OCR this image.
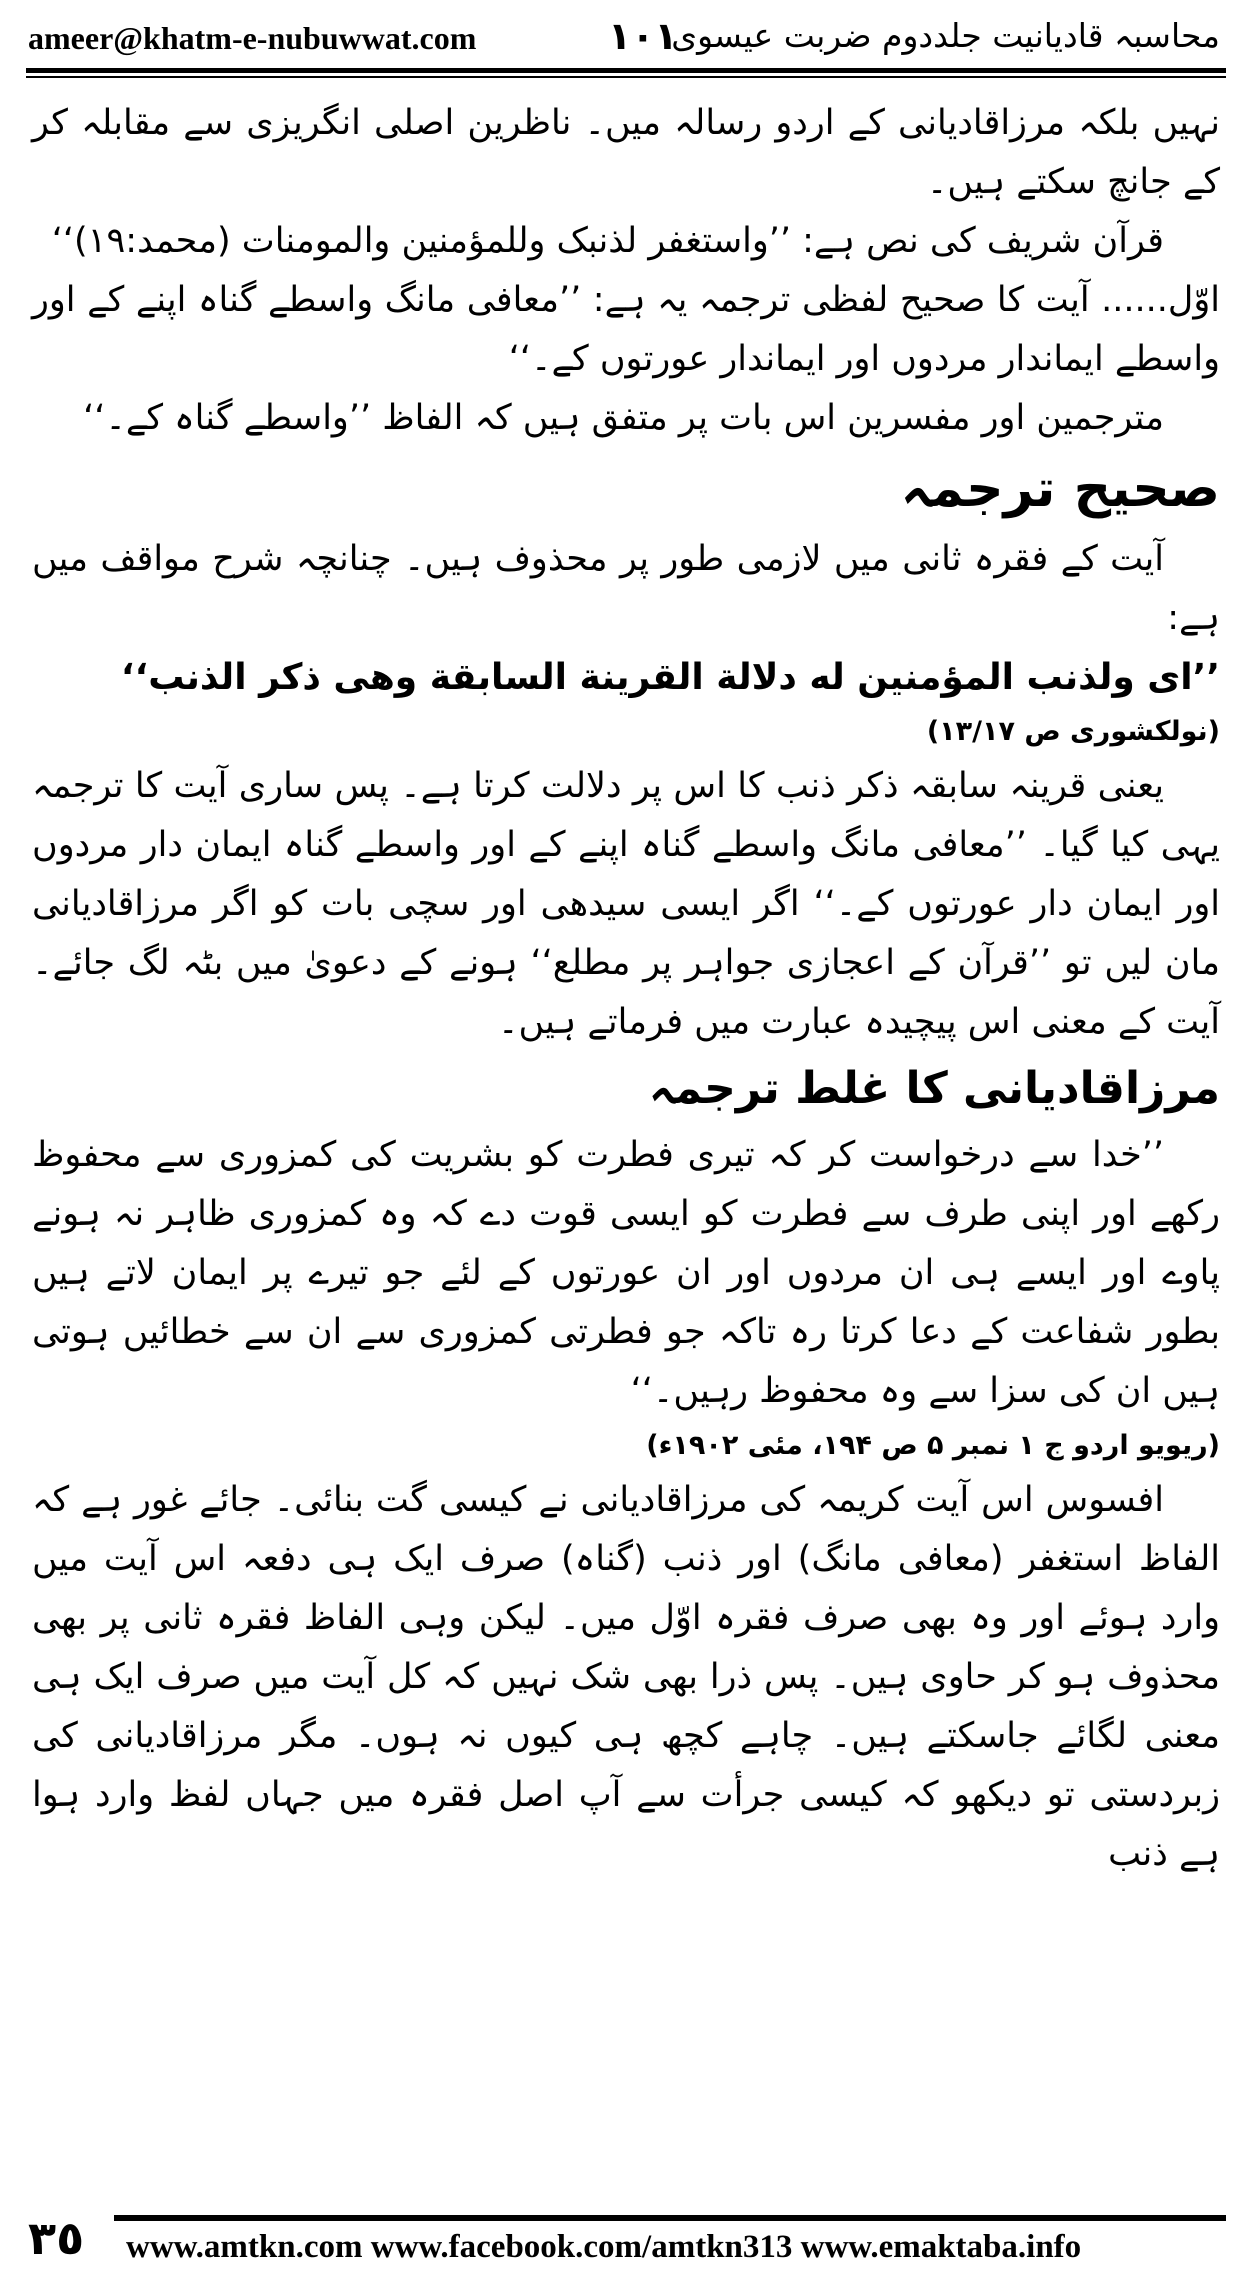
ameer@khatm-e-nubuwwat.com	١٠١
محاسبہ قادیانیت جلددوم ضربت عیسوی

نہیں بلکہ مرزاقادیانی کے اردو رسالہ میں۔ ناظرین اصلی انگریزی سے مقابلہ کر کے جانچ سکتے ہیں۔

قرآن شریف کی نص ہے: ’’واستغفر لذنبک وللمؤمنین والمومنات (محمد:۱۹)‘‘

اوّل...... آیت کا صحیح لفظی ترجمہ یہ ہے: ’’معافی مانگ واسطے گناہ اپنے کے اور واسطے ایماندار مردوں اور ایماندار عورتوں کے۔‘‘

مترجمین اور مفسرین اس بات پر متفق ہیں کہ الفاظ ’’واسطے گناہ کے۔‘‘

صحیح ترجمہ

آیت کے فقرہ ثانی میں لازمی طور پر محذوف ہیں۔ چنانچہ شرح مواقف میں ہے:

’’ای ولذنب المؤمنین له دلالة القرینة السابقة وهی ذکر الذنب‘‘

(نولکشوری ص ۱۳/۱۷)

یعنی قرینہ سابقہ ذکر ذنب کا اس پر دلالت کرتا ہے۔ پس ساری آیت کا ترجمہ یہی کیا گیا۔ ’’معافی مانگ واسطے گناہ اپنے کے اور واسطے گناہ ایمان دار مردوں اور ایمان دار عورتوں کے۔‘‘ اگر ایسی سیدھی اور سچی بات کو اگر مرزاقادیانی مان لیں تو ’’قرآن کے اعجازی جواہر پر مطلع‘‘ ہونے کے دعویٰ میں بٹہ لگ جائے۔ آیت کے معنی اس پیچیدہ عبارت میں فرماتے ہیں۔

مرزاقادیانی کا غلط ترجمہ

’’خدا سے درخواست کر کہ تیری فطرت کو بشریت کی کمزوری سے محفوظ رکھے اور اپنی طرف سے فطرت کو ایسی قوت دے کہ وہ کمزوری ظاہر نہ ہونے پاوے اور ایسے ہی ان مردوں اور ان عورتوں کے لئے جو تیرے پر ایمان لاتے ہیں بطور شفاعت کے دعا کرتا رہ تاکہ جو فطرتی کمزوری سے ان سے خطائیں ہوتی ہیں ان کی سزا سے وہ محفوظ رہیں۔‘‘

(ریویو اردو ج ۱ نمبر ۵ ص ۱۹۴، مئی ۱۹۰۲ء)

افسوس اس آیت کریمہ کی مرزاقادیانی نے کیسی گت بنائی۔ جائے غور ہے کہ الفاظ استغفر (معافی مانگ) اور ذنب (گناہ) صرف ایک ہی دفعہ اس آیت میں وارد ہوئے اور وہ بھی صرف فقرہ اوّل میں۔ لیکن وہی الفاظ فقرہ ثانی پر بھی محذوف ہو کر حاوی ہیں۔ پس ذرا بھی شک نہیں کہ کل آیت میں صرف ایک ہی معنی لگائے جاسکتے ہیں۔ چاہے کچھ ہی کیوں نہ ہوں۔ مگر مرزاقادیانی کی زبردستی تو دیکھو کہ کیسی جرأت سے آپ اصل فقرہ میں جہاں لفظ وارد ہوا ہے ذنب

٣٥ www.amtkn.com www.facebook.com/amtkn313 www.emaktaba.info
